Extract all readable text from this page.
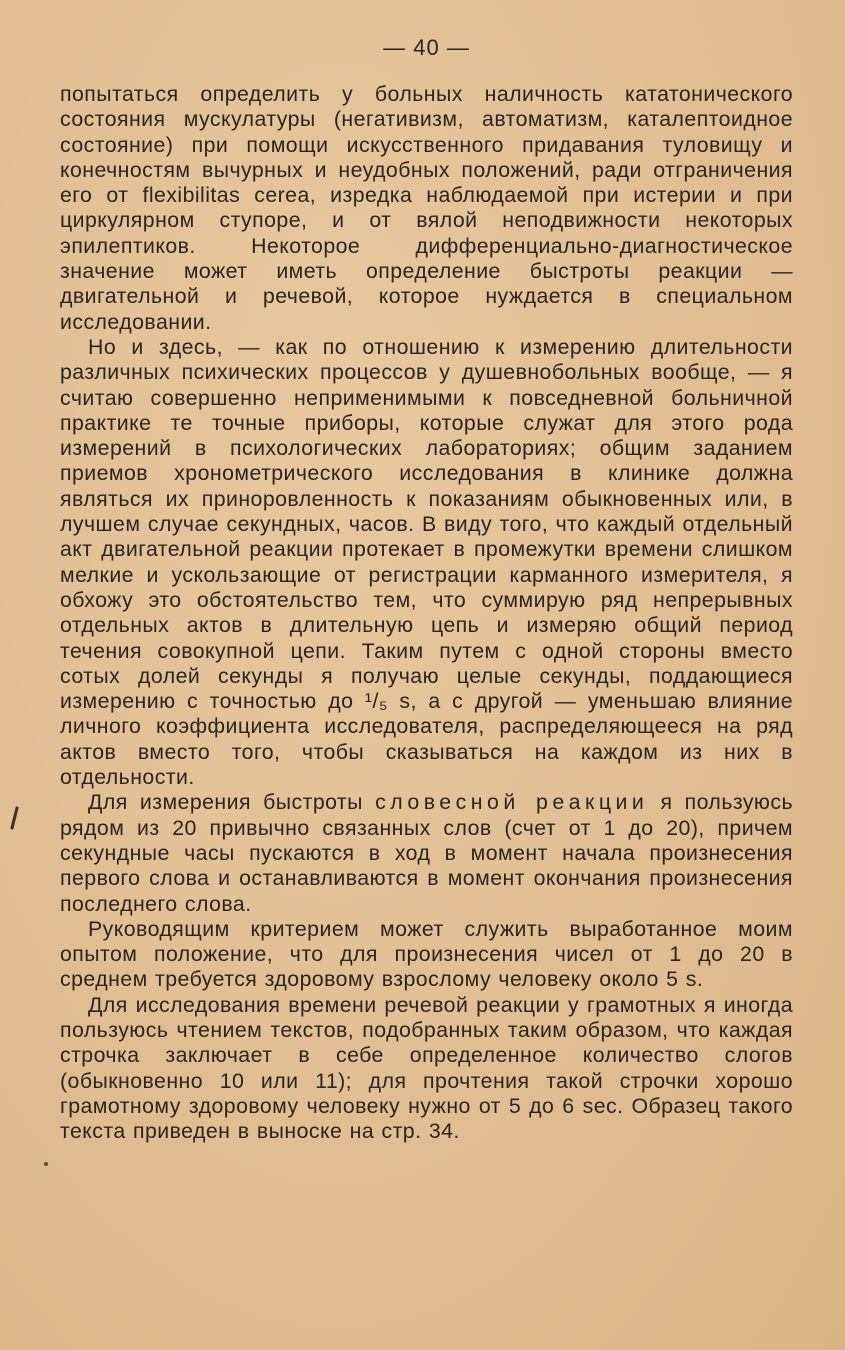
— 40 —

попытаться определить у больных наличность кататонического состояния мускулатуры (негативизм, автоматизм, каталептоидное состояние) при помощи искусственного придавания туловищу и конечностям вычурных и неудобных положений, ради отграничения его от flexibilitas cerea, изредка наблюдаемой при истерии и при циркулярном ступоре, и от вялой неподвижности некоторых эпилептиков. Некоторое дифференциально-диагностическое значение может иметь определение быстроты реакции — двигательной и речевой, которое нуждается в специальном исследовании.

Но и здесь, — как по отношению к измерению длительности различных психических процессов у душевнобольных вообще, — я считаю совершенно неприменимыми к повседневной больничной практике те точные приборы, которые служат для этого рода измерений в психологических лабораториях; общим заданием приемов хронометрического исследования в клинике должна являться их приноровленность к показаниям обыкновенных или, в лучшем случае секундных, часов. В виду того, что каждый отдельный акт двигательной реакции протекает в промежутки времени слишком мелкие и ускользающие от регистрации карманного измерителя, я обхожу это обстоятельство тем, что суммирую ряд непрерывных отдельных актов в длительную цепь и измеряю общий период течения совокупной цепи. Таким путем с одной стороны вместо сотых долей секунды я получаю целые секунды, поддающиеся измерению с точностью до ¹/₅ s, а с другой — уменьшаю влияние личного коэффициента исследователя, распределяющееся на ряд актов вместо того, чтобы сказываться на каждом из них в отдельности.

Для измерения быстроты словесной реакции я пользуюсь рядом из 20 привычно связанных слов (счет от 1 до 20), причем секундные часы пускаются в ход в момент начала произнесения первого слова и останавливаются в момент окончания произнесения последнего слова.

Руководящим критерием может служить выработанное моим опытом положение, что для произнесения чисел от 1 до 20 в среднем требуется здоровому взрослому человеку около 5 s.

Для исследования времени речевой реакции у грамотных я иногда пользуюсь чтением текстов, подобранных таким образом, что каждая строчка заключает в себе определенное количество слогов (обыкновенно 10 или 11); для прочтения такой строчки хорошо грамотному здоровому человеку нужно от 5 до 6 sec. Образец такого текста приведен в выноске на стр. 34.
